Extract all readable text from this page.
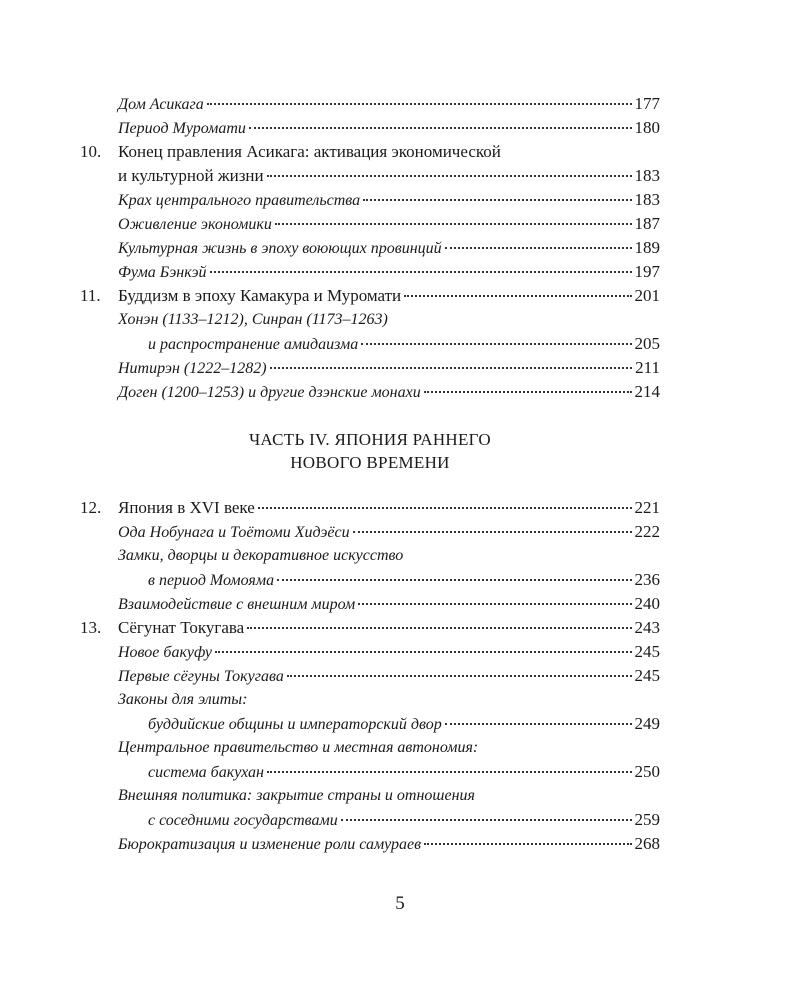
Дом Асикага	177
Период Муромати	180
10. Конец правления Асикага: активация экономической
и культурной жизни	183
Крах центрального правительства	183
Оживление экономики	187
Культурная жизнь в эпоху воюющих провинций	189
Фума Бэнкэй	197
11.	Буддизм в эпоху Камакура и Муромати	201
Хонэн (1133–1212), Синран (1173–1263)
и распространение амидаизма	205
Нитирэн (1222–1282)	211
Доген (1200–1253) и другие дзэнские монахи	214
ЧАСТЬ IV. ЯПОНИЯ РАННЕГО
НОВОГО ВРЕМЕНИ
12. Япония в XVI веке	221
Ода Нобунага и Тоётоми Хидэёси	222
Замки, дворцы и декоративное искусство
в период Момояма	236
Взаимодействие с внешним миром	240
13. Сёгунат Токугава	243
Новое бакуфу	245
Первые сёгуны Токугава	245
Законы для элиты:
буддийские общины и императорский двор	249
Центральное правительство и местная автономия:
система бакухан	250
Внешняя политика: закрытие страны и отношения
с соседними государствами	259
Бюрократизация и изменение роли самураев	268
5
